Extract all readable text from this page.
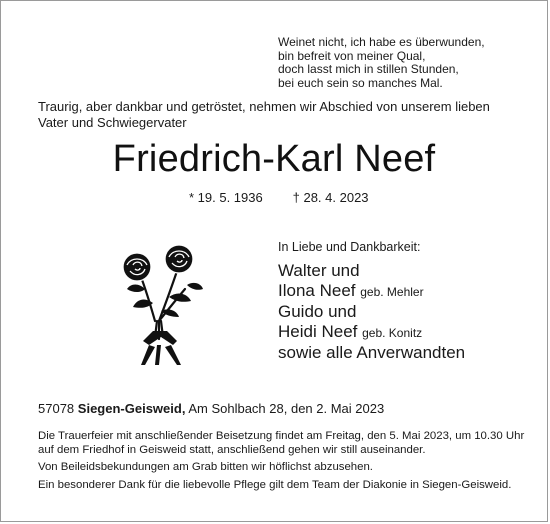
Weinet nicht, ich habe es überwunden,
bin befreit von meiner Qual,
doch lasst mich in stillen Stunden,
bei euch sein so manches Mal.
Traurig, aber dankbar und getröstet, nehmen wir Abschied von unserem lieben Vater und Schwiegervater
Friedrich-Karl Neef
* 19. 5. 1936 † 28. 4. 2023
In Liebe und Dankbarkeit:
Walter und
Ilona Neef geb. Mehler
Guido und
Heidi Neef geb. Konitz
sowie alle Anverwandten
57078 Siegen-Geisweid, Am Sohlbach 28, den 2. Mai 2023

Die Trauerfeier mit anschließender Beisetzung findet am Freitag, den 5. Mai 2023, um 10.30 Uhr auf dem Friedhof in Geisweid statt, anschließend gehen wir still auseinander.

Von Beileidsbekundungen am Grab bitten wir höflichst abzusehen.

Ein besonderer Dank für die liebevolle Pflege gilt dem Team der Diakonie in Siegen-Geisweid.
